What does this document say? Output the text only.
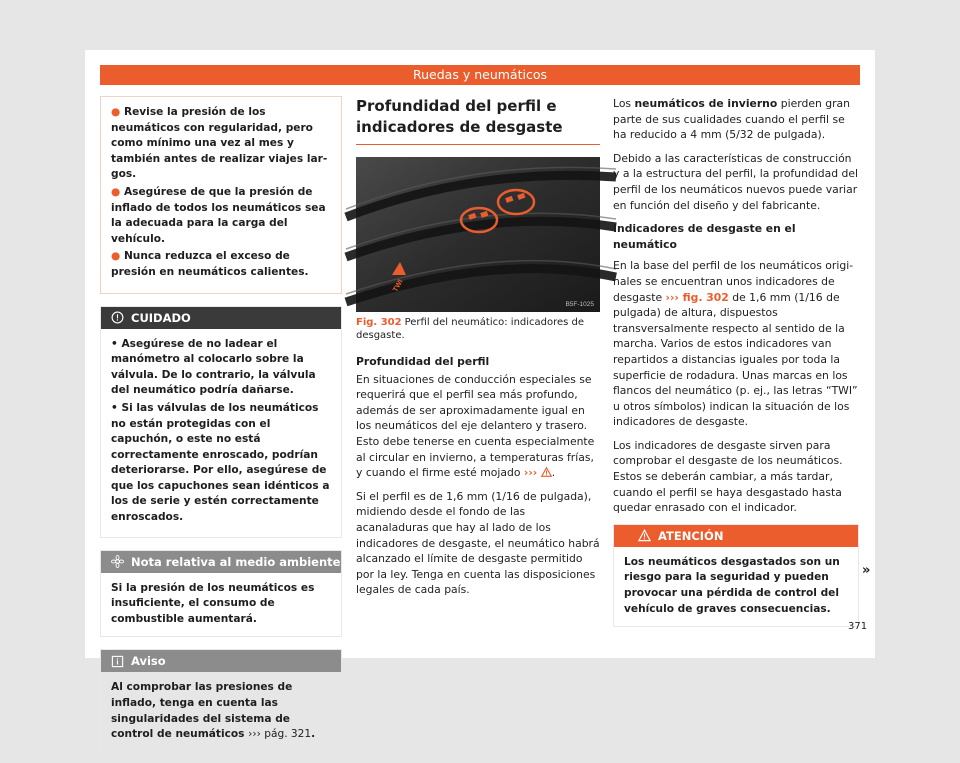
Ruedas y neumáticos

● Revise la presión de los neumáticos con regularidad, pero como mínimo una vez al mes y también antes de realizar viajes largos.

● Asegúrese de que la presión de inflado de todos los neumáticos sea la adecuada para la carga del vehículo.

● Nunca reduzca el exceso de presión en neumáticos calientes.

CUIDADO

• Asegúrese de no ladear el manómetro al colocarlo sobre la válvula. De lo contrario, la válvula del neumático podría dañarse.

• Si las válvulas de los neumáticos no están protegidas con el capuchón, o este no está correctamente enroscado, podrían deteriorarse. Por ello, asegúrese de que los capuchones sean idénticos a los de serie y estén correctamente enroscados.

Nota relativa al medio ambiente
Si la presión de los neumáticos es insuficiente, el consumo de combustible aumentará.
Aviso
Al comprobar las presiones de inflado, tenga en cuenta las singularidades del sistema de control de neumáticos ››› pág. 321.
Profundidad del perfil e indicadores de desgaste
TWI
B5F-1025
Fig. 302 Perfil del neumático: indicadores de desgaste.

Profundidad del perfil

En situaciones de conducción especiales se requerirá que el perfil sea más profundo, además de ser aproximadamente igual en los neumáticos del eje delantero y trasero. Esto debe tenerse en cuenta especialmente al circular en invierno, a temperaturas frías, y cuando el firme esté mojado ››› .

Si el perfil es de 1,6 mm (1/16 de pulgada), midiendo desde el fondo de las acanaladuras que hay al lado de los indicadores de desgaste, el neumático habrá alcanzado el límite de desgaste permitido por la ley. Tenga en cuenta las disposiciones legales de cada país.

Los neumáticos de invierno pierden gran parte de sus cualidades cuando el perfil se ha reducido a 4 mm (5/32 de pulgada).

Debido a las características de construcción y a la estructura del perfil, la profundidad del perfil de los neumáticos nuevos puede variar en función del diseño y del fabricante.

Indicadores de desgaste en el neumático

En la base del perfil de los neumáticos originales se encuentran unos indicadores de desgaste ››› fig. 302 de 1,6 mm (1/16 de pulgada) de altura, dispuestos transversalmente respecto al sentido de la marcha. Varios de estos indicadores van repartidos a distancias iguales por toda la superficie de rodadura. Unas marcas en los flancos del neumático (p. ej., las letras “TWI” u otros símbolos) indican la situación de los indicadores de desgaste.

Los indicadores de desgaste sirven para comprobar el desgaste de los neumáticos. Estos se deberán cambiar, a más tardar, cuando el perfil se haya desgastado hasta quedar enrasado con el indicador.

ATENCIÓN
Los neumáticos desgastados son un riesgo para la seguridad y pueden provocar una pérdida de control del vehículo de graves consecuencias.
»
371
